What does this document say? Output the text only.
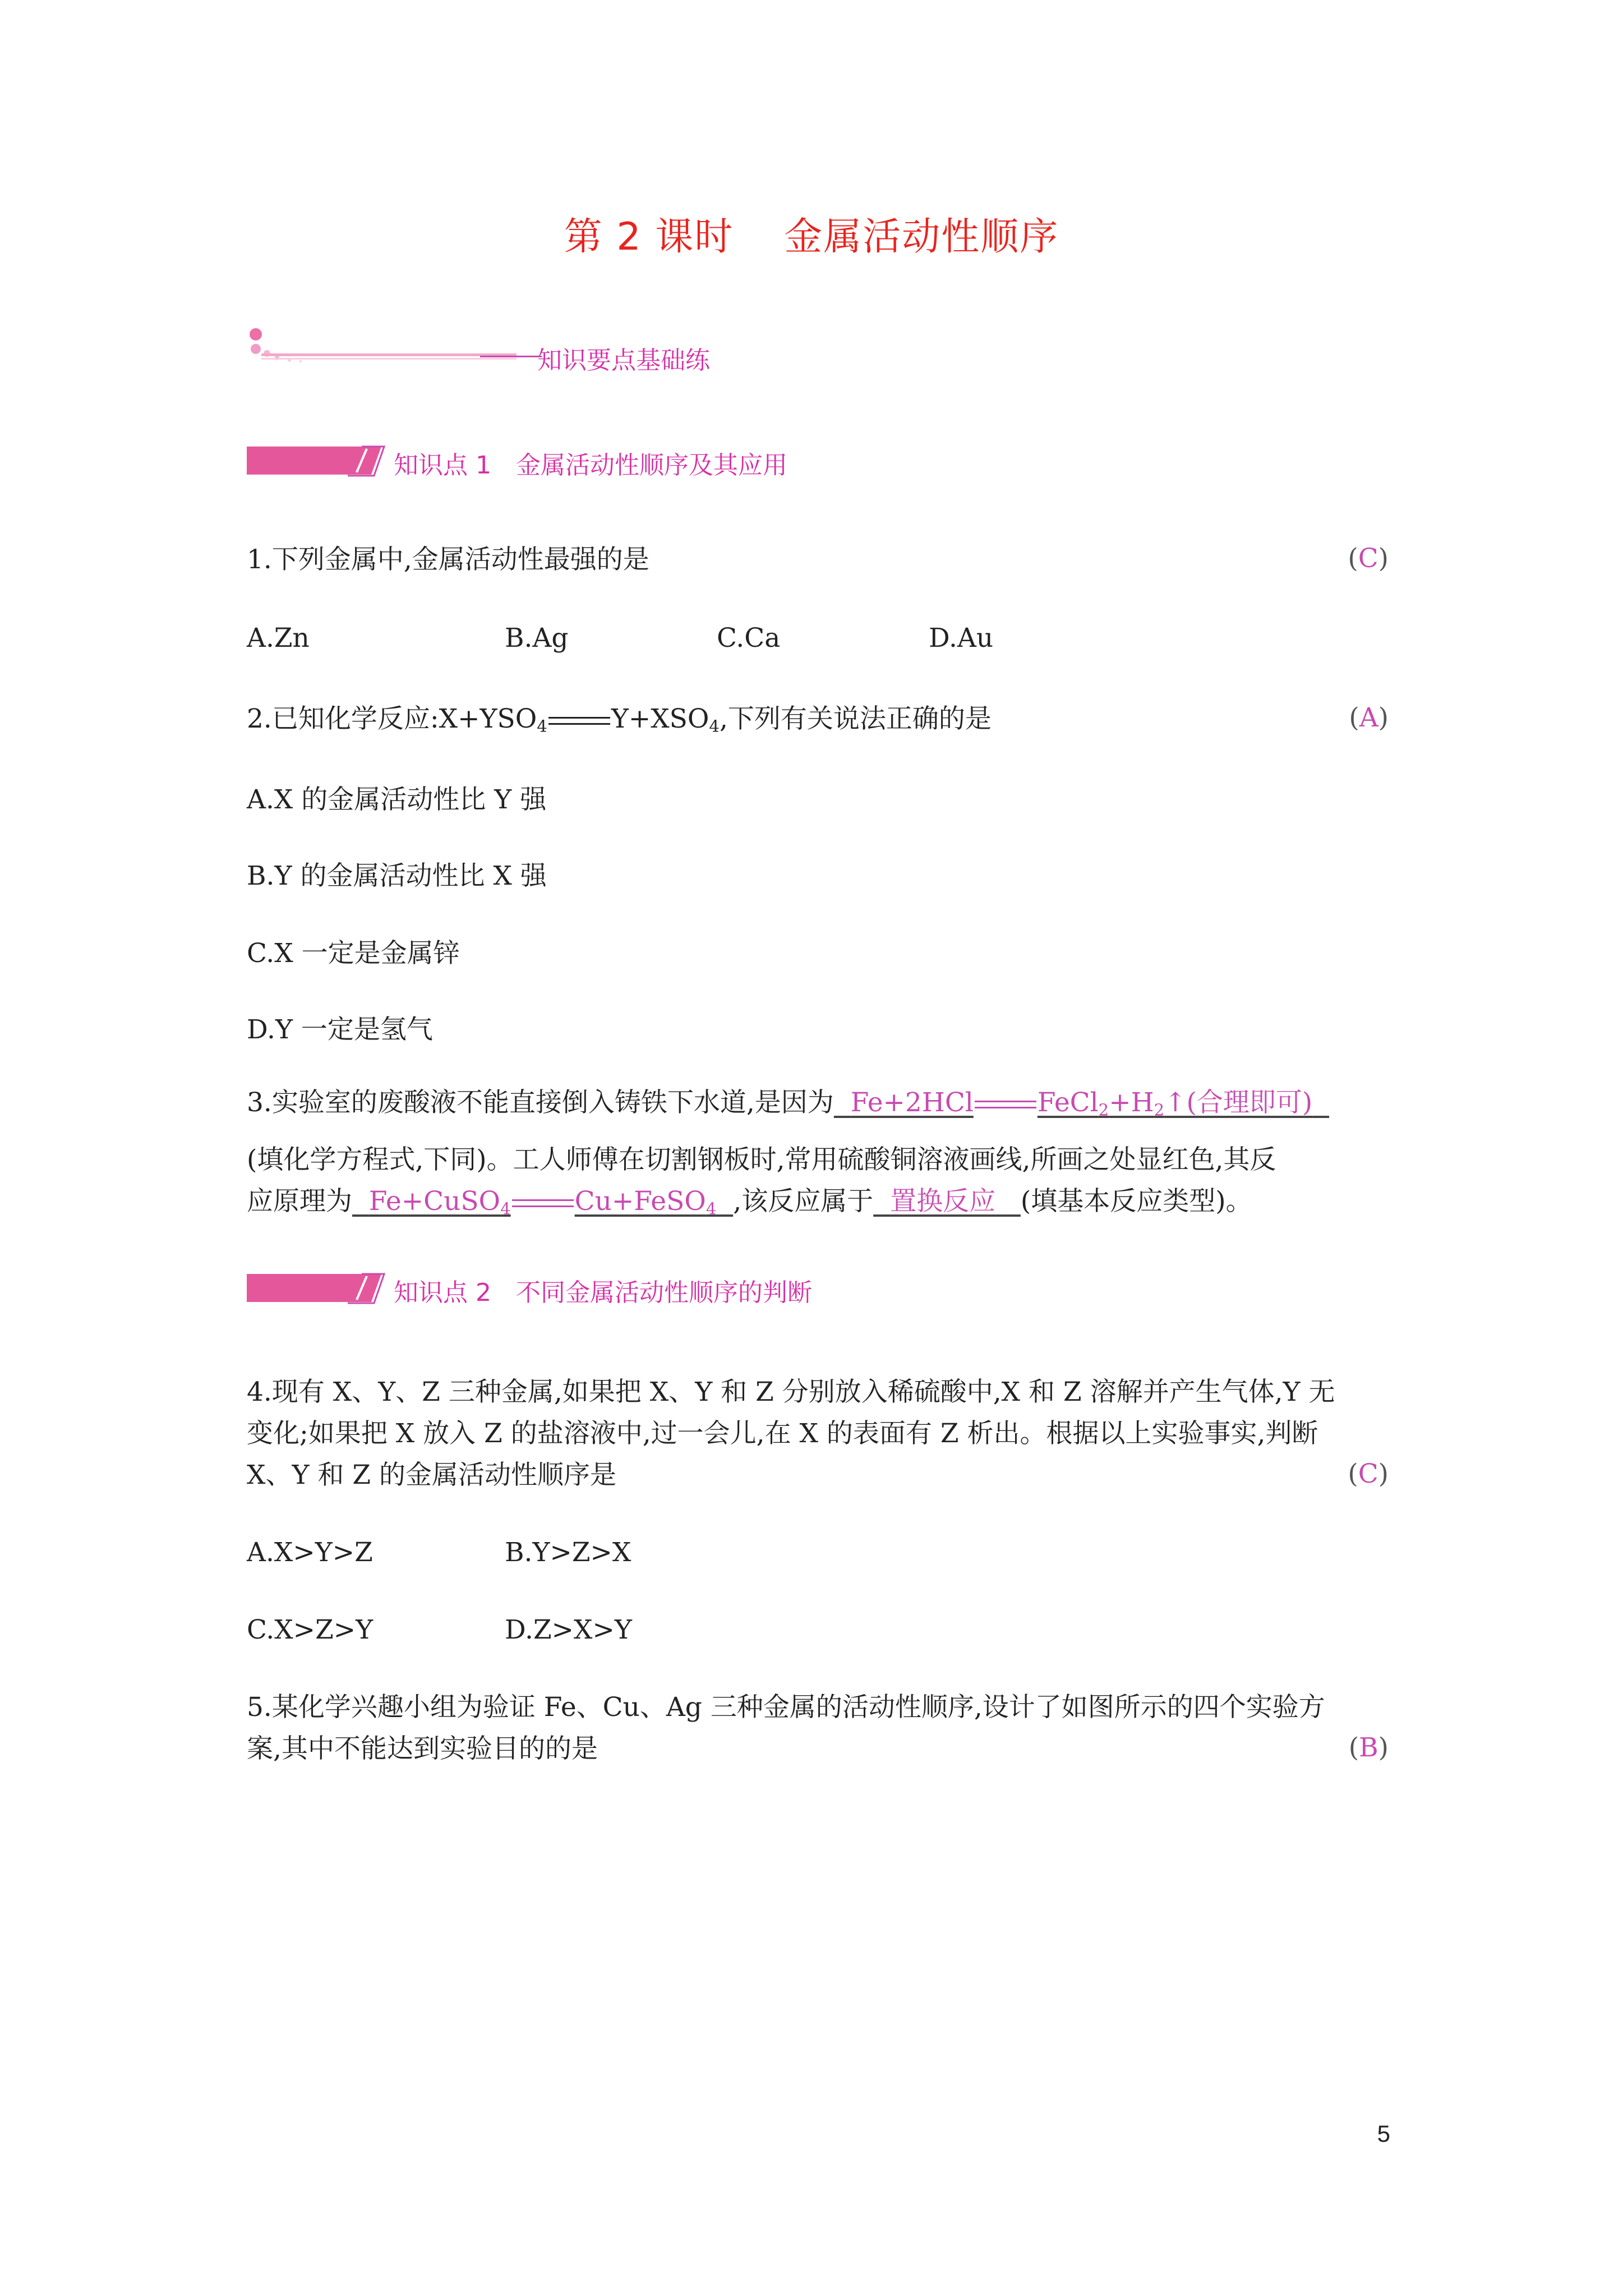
第 2 课时 金属活动性顺序
知识要点基础练
知识点 1 金属活动性顺序及其应用
1.下列金属中,金属活动性最强的是	(C)
A.Zn	B.Ag	C.Ca	D.Au
2.已知化学反应$:X+YSO_4$ $Y+XSO_4$,下列有关说法正确的是	(A)
A.X 的金属活动性比 Y 强
B.Y 的金属活动性比 X 强
C.X 一定是金属锌
D.Y 一定是氢气
3.实验室的废酸液不能直接倒入铸铁下水道,是因为 Fe+2HCl $FeCl_2+H_2↑$(合理即可)
(填化学方程式,下同)。工人师傅在切割钢板时,常用硫酸铜溶液画线,所画之处显红色,其反
应原理为 Fe+CuSO$_4$ Cu+FeSO$_4$ ,该反应属于 置换反应 (填基本反应类型)。
知识点 2 不同金属活动性顺序的判断
4.现有 X、Y、Z 三种金属,如果把 X、Y 和 Z 分别放入稀硫酸中,X 和 Z 溶解并产生气体,Y 无
变化;如果把 X 放入 Z 的盐溶液中,过一会儿,在 X 的表面有 Z 析出。根据以上实验事实,判断
X、Y 和 Z 的金属活动性顺序是	(C)
A.X>Y>Z	B.Y>Z>X
C.X>Z>Y	D.Z>X>Y
5.某化学兴趣小组为验证 Fe、Cu、Ag 三种金属的活动性顺序,设计了如图所示的四个实验方
案,其中不能达到实验目的的是	(B)
5
